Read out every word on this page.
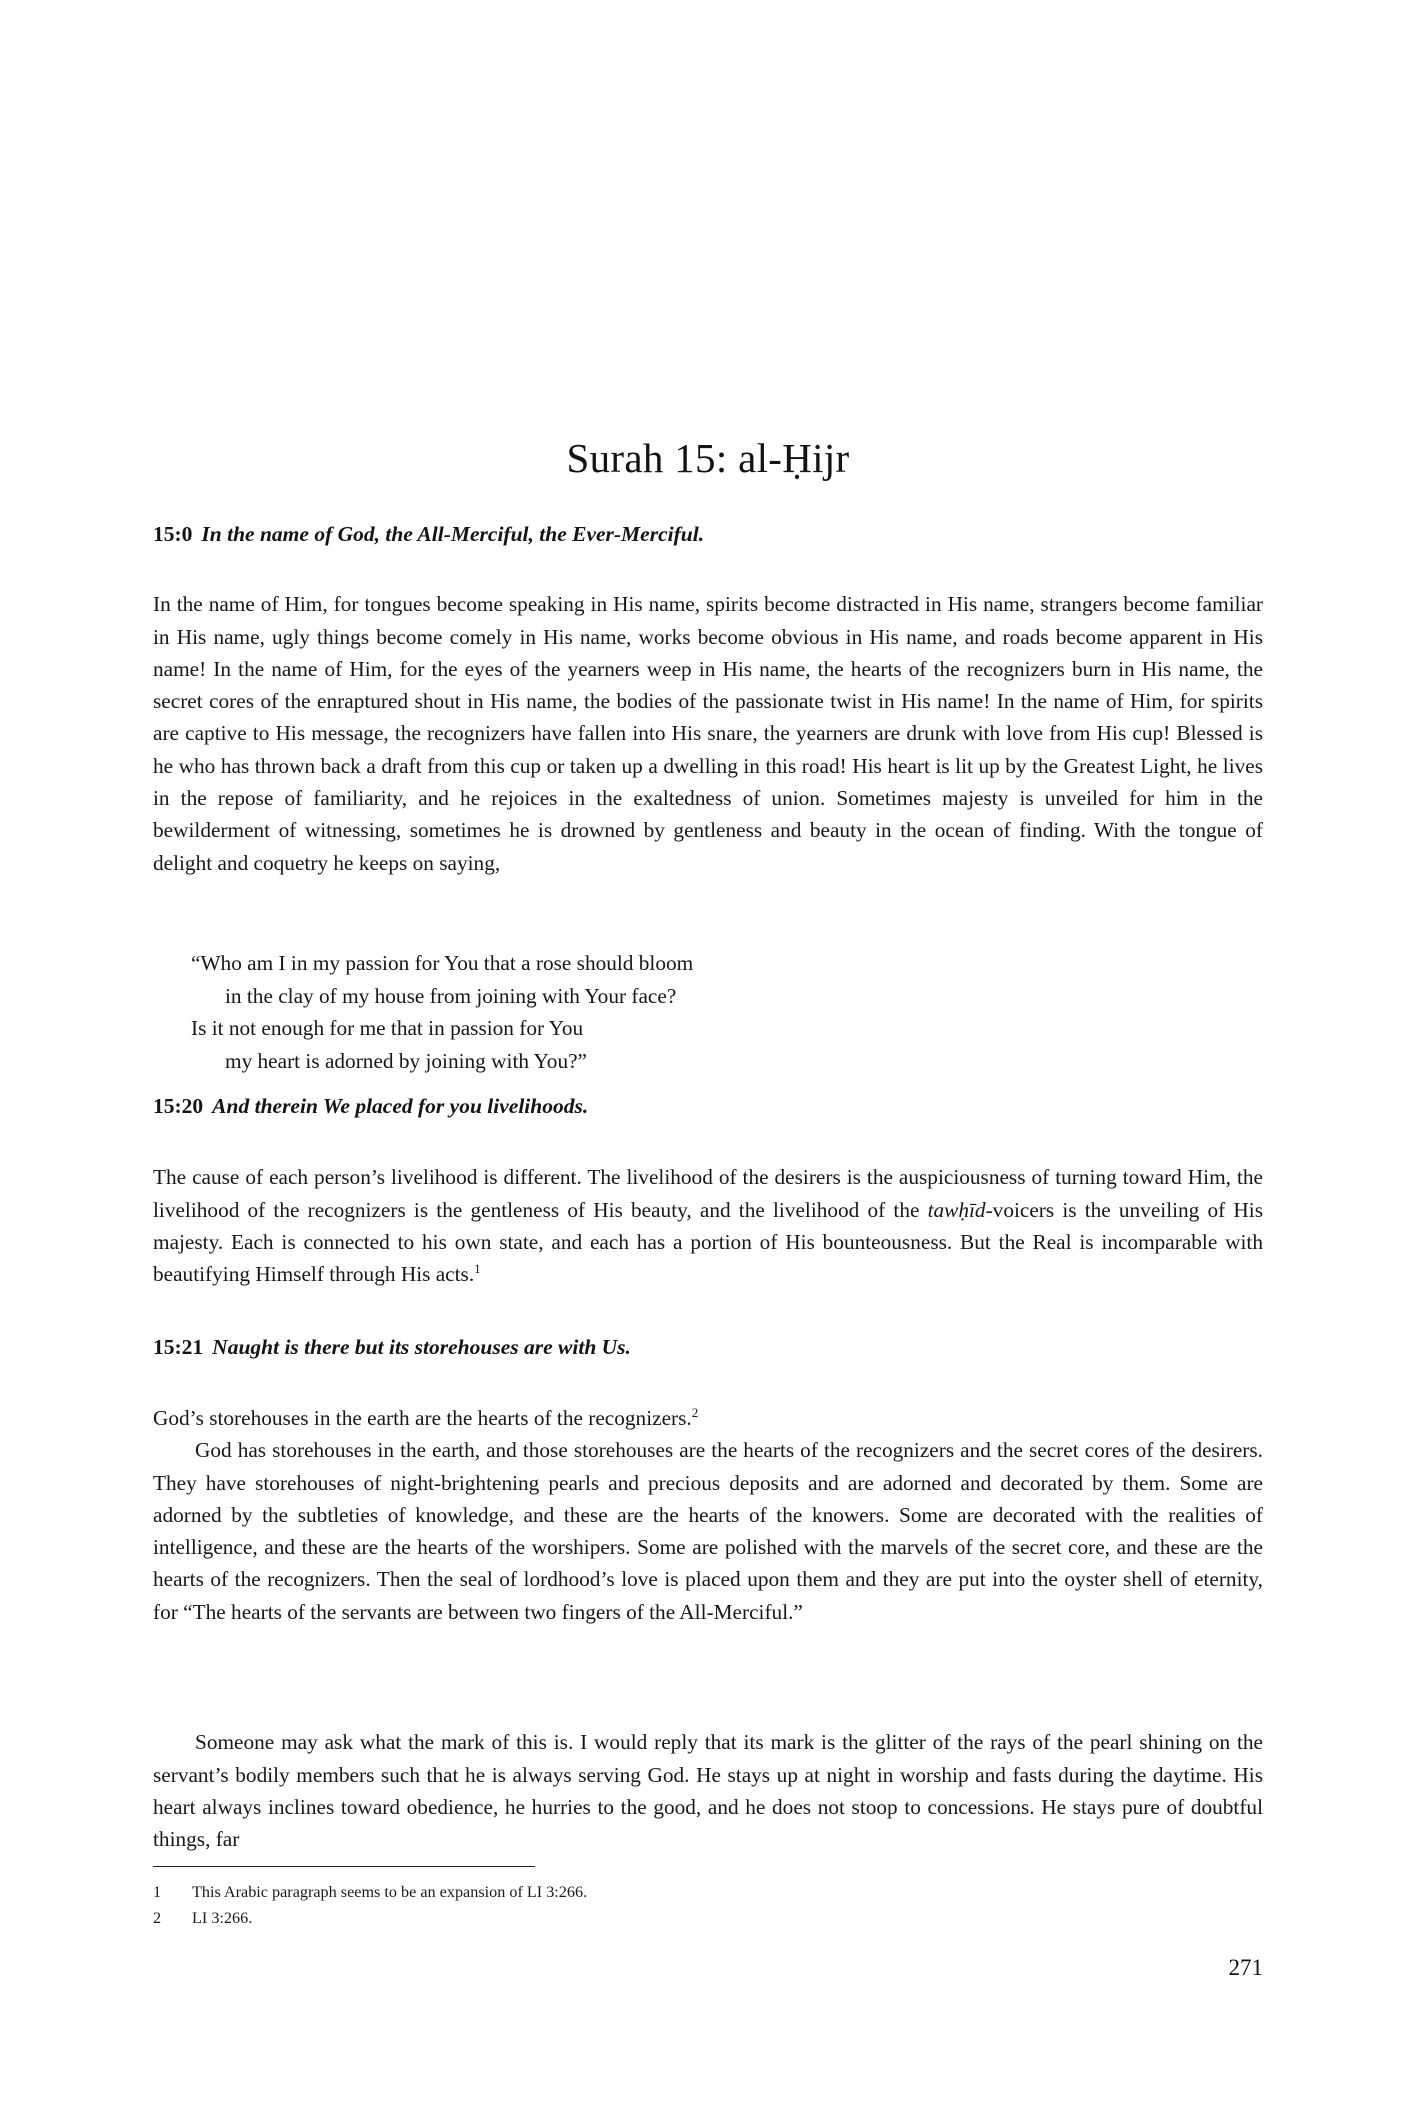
Surah 15: al-Ḥijr
15:0 In the name of God, the All-Merciful, the Ever-Merciful.

In the name of Him, for tongues become speaking in His name, spirits become distracted in His name, strangers become familiar in His name, ugly things become comely in His name, works become obvious in His name, and roads become apparent in His name! In the name of Him, for the eyes of the yearners weep in His name, the hearts of the recognizers burn in His name, the secret cores of the enraptured shout in His name, the bodies of the passionate twist in His name! In the name of Him, for spirits are captive to His message, the recognizers have fallen into His snare, the yearners are drunk with love from His cup! Blessed is he who has thrown back a draft from this cup or taken up a dwelling in this road! His heart is lit up by the Greatest Light, he lives in the repose of familiarity, and he rejoices in the exaltedness of union. Sometimes majesty is unveiled for him in the bewilderment of witnessing, sometimes he is drowned by gentleness and beauty in the ocean of finding. With the tongue of delight and coquetry he keeps on saying,

“Who am I in my passion for You that a rose should bloom
in the clay of my house from joining with Your face?
Is it not enough for me that in passion for You
my heart is adorned by joining with You?”
15:20 And therein We placed for you livelihoods.

The cause of each person’s livelihood is different. The livelihood of the desirers is the auspiciousness of turning toward Him, the livelihood of the recognizers is the gentleness of His beauty, and the livelihood of the tawḥīd-voicers is the unveiling of His majesty. Each is connected to his own state, and each has a portion of His bounteousness. But the Real is incomparable with beautifying Himself through His acts.$^1$

15:21 Naught is there but its storehouses are with Us.

God’s storehouses in the earth are the hearts of the recognizers.$^2$

God has storehouses in the earth, and those storehouses are the hearts of the recognizers and the secret cores of the desirers. They have storehouses of night-brightening pearls and precious deposits and are adorned and decorated by them. Some are adorned by the subtleties of knowledge, and these are the hearts of the knowers. Some are decorated with the realities of intelligence, and these are the hearts of the worshipers. Some are polished with the marvels of the secret core, and these are the hearts of the recognizers. Then the seal of lordhood’s love is placed upon them and they are put into the oyster shell of eternity, for “The hearts of the servants are between two fingers of the All-Merciful.”

Someone may ask what the mark of this is. I would reply that its mark is the glitter of the rays of the pearl shining on the servant’s bodily members such that he is always serving God. He stays up at night in worship and fasts during the daytime. His heart always inclines toward obedience, he hurries to the good, and he does not stoop to concessions. He stays pure of doubtful things, far

1 This Arabic paragraph seems to be an expansion of LI 3:266.
2 LI 3:266.
271
